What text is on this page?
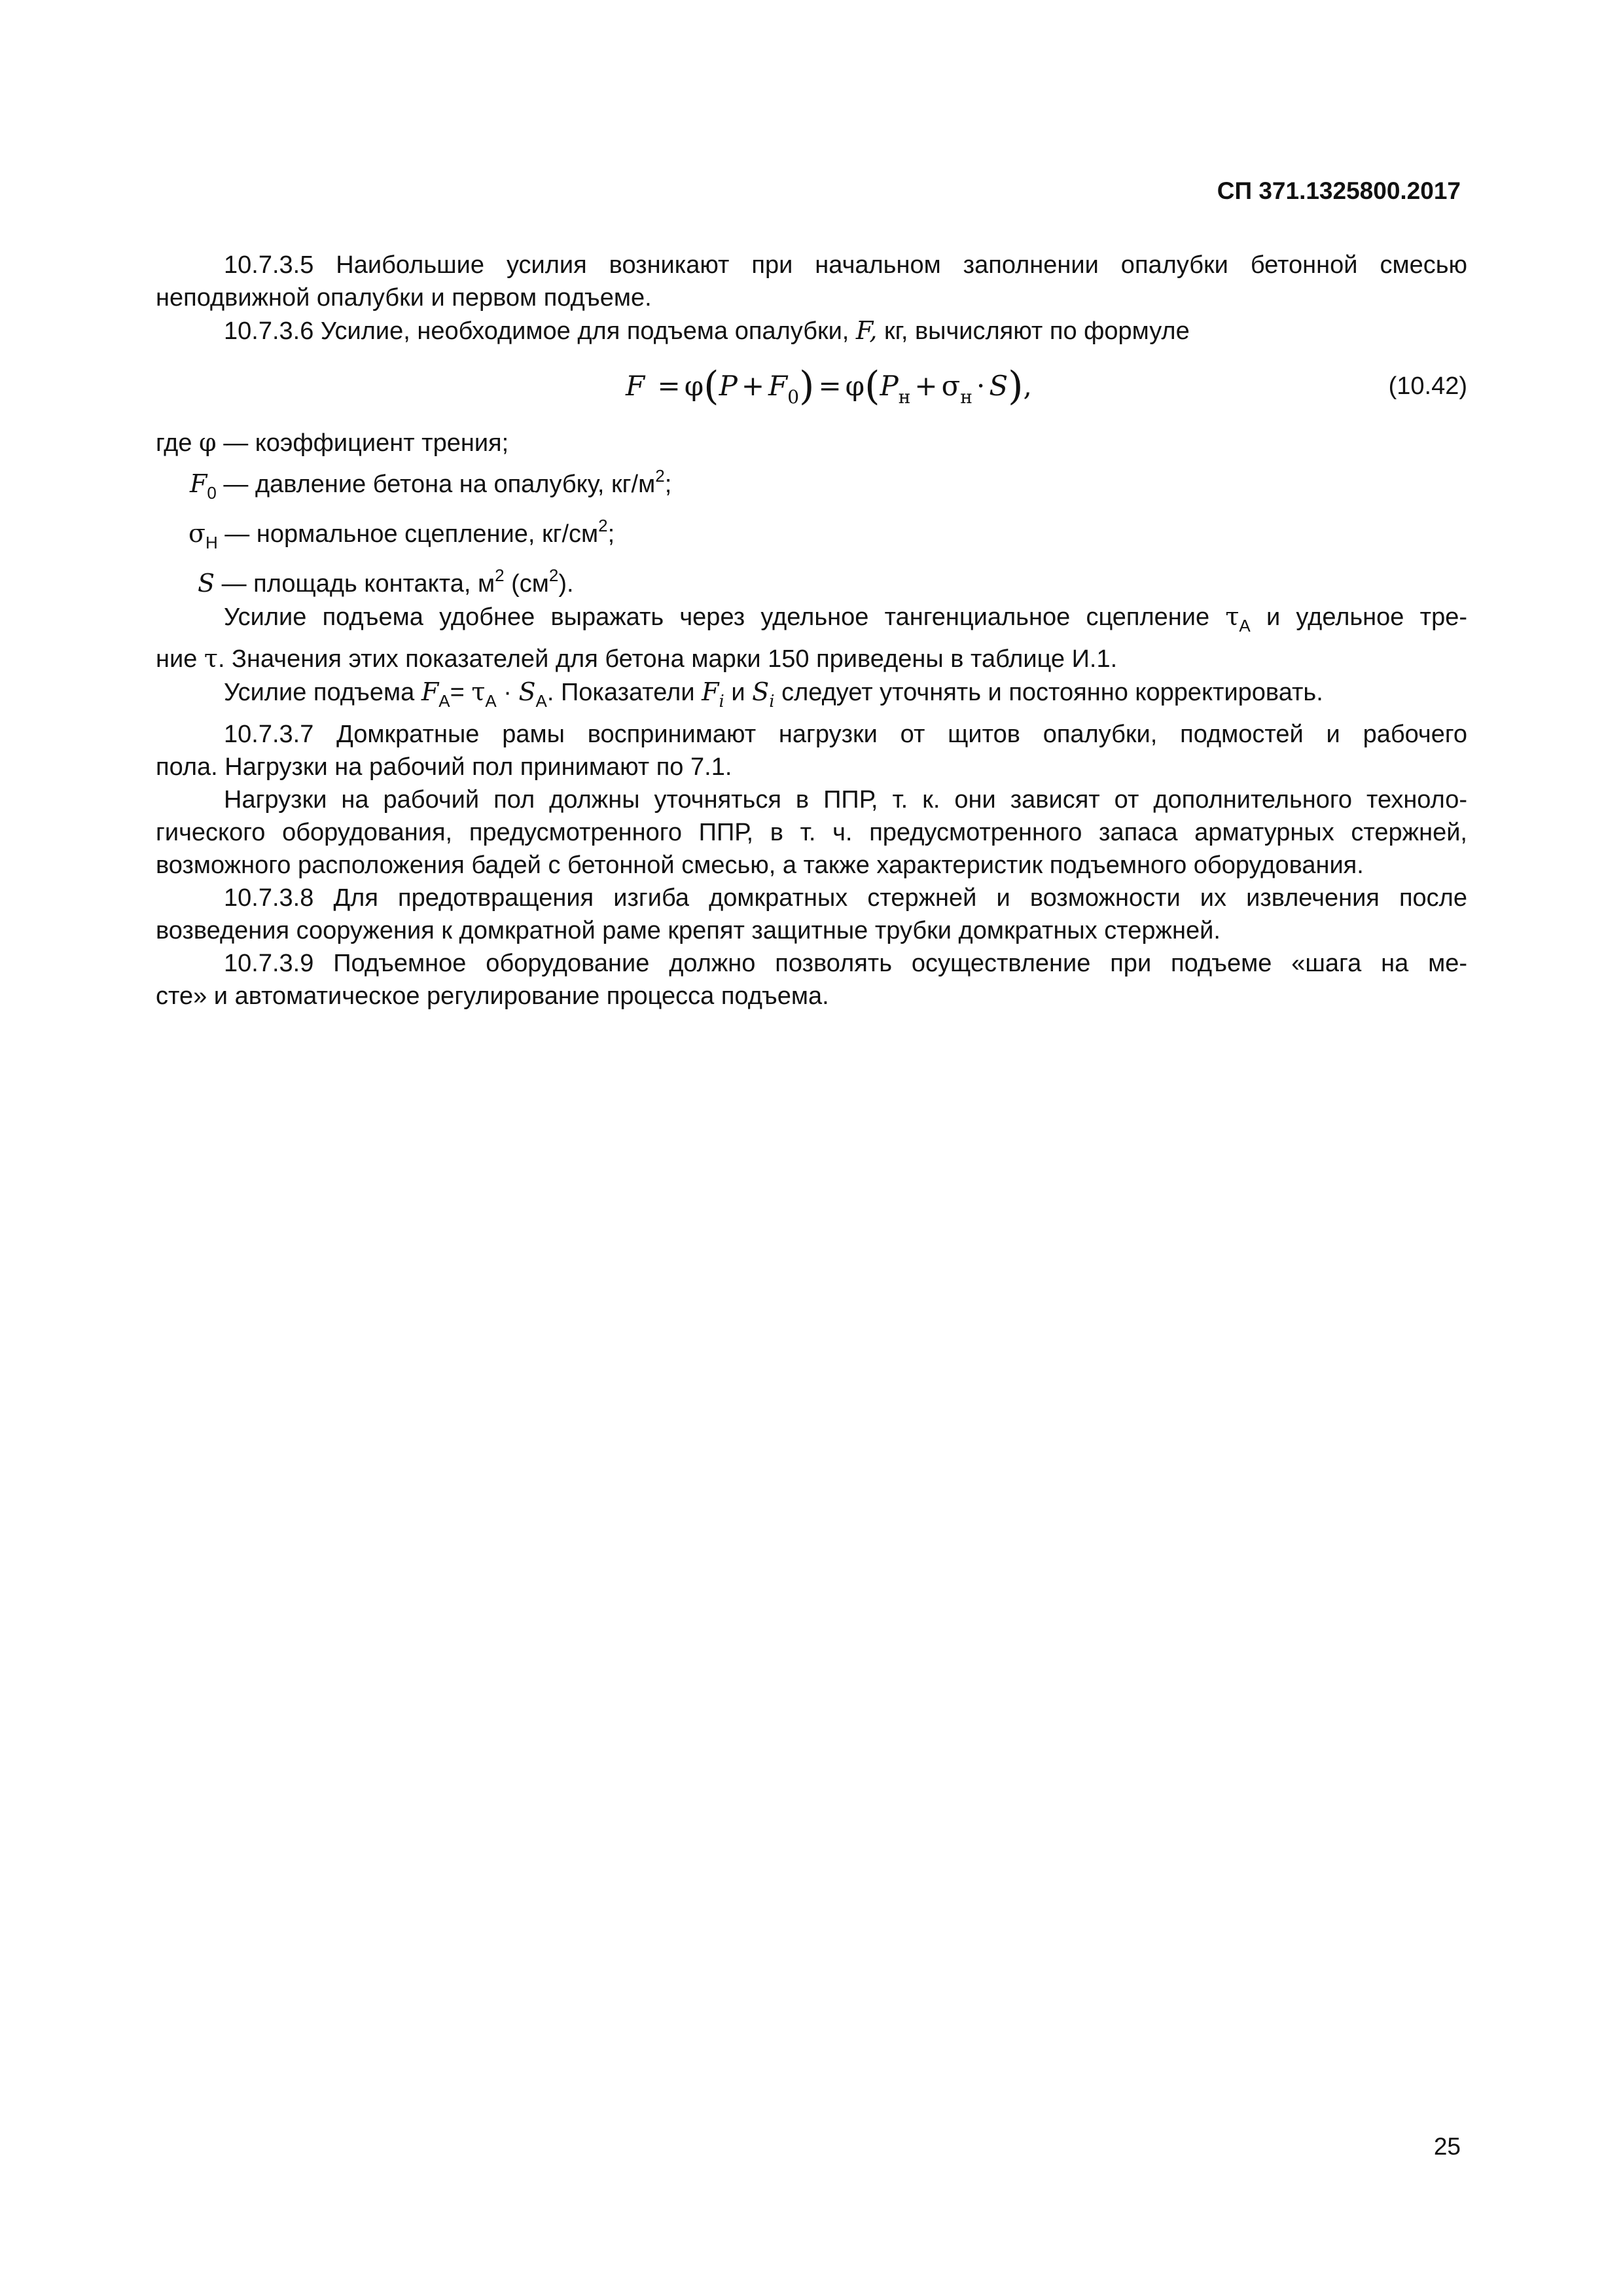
СП 371.1325800.2017

10.7.3.5 Наибольшие усилия возникают при начальном заполнении опалубки бетонной смесью

неподвижной опалубки и первом подъеме.

10.7.3.6 Усилие, необходимое для подъема опалубки, F, кг, вычисляют по формуле

$F = \varphi(P + F_0) = \varphi(P_н + \sigma_н \cdot S)$,	(10.42)

где φ — коэффициент трения;

$F_0$ — давление бетона на опалубку, $кг/м^2$;

$\sigma_Н$ — нормальное сцепление, $кг/см^2$;

S — площадь контакта, $м^2$ $(см^2)$.

Усилие подъема удобнее выражать через удельное тангенциальное сцепление $\tau_А$ и удельное тре-

ние τ. Значения этих показателей для бетона марки 150 приведены в таблице И.1.

Усилие подъема $F_А= \tau_А \cdot S_А$. Показатели $F_i$ и $S_i$ следует уточнять и постоянно корректировать.

10.7.3.7 Домкратные рамы воспринимают нагрузки от щитов опалубки, подмостей и рабочего

пола. Нагрузки на рабочий пол принимают по 7.1.

Нагрузки на рабочий пол должны уточняться в ППР, т. к. они зависят от дополнительного техноло-

гического оборудования, предусмотренного ППР, в т. ч. предусмотренного запаса арматурных стержней,

возможного расположения бадей с бетонной смесью, а также характеристик подъемного оборудования.

10.7.3.8 Для предотвращения изгиба домкратных стержней и возможности их извлечения после

возведения сооружения к домкратной раме крепят защитные трубки домкратных стержней.

10.7.3.9 Подъемное оборудование должно позволять осуществление при подъеме «шага на ме-

сте» и автоматическое регулирование процесса подъема.

25
